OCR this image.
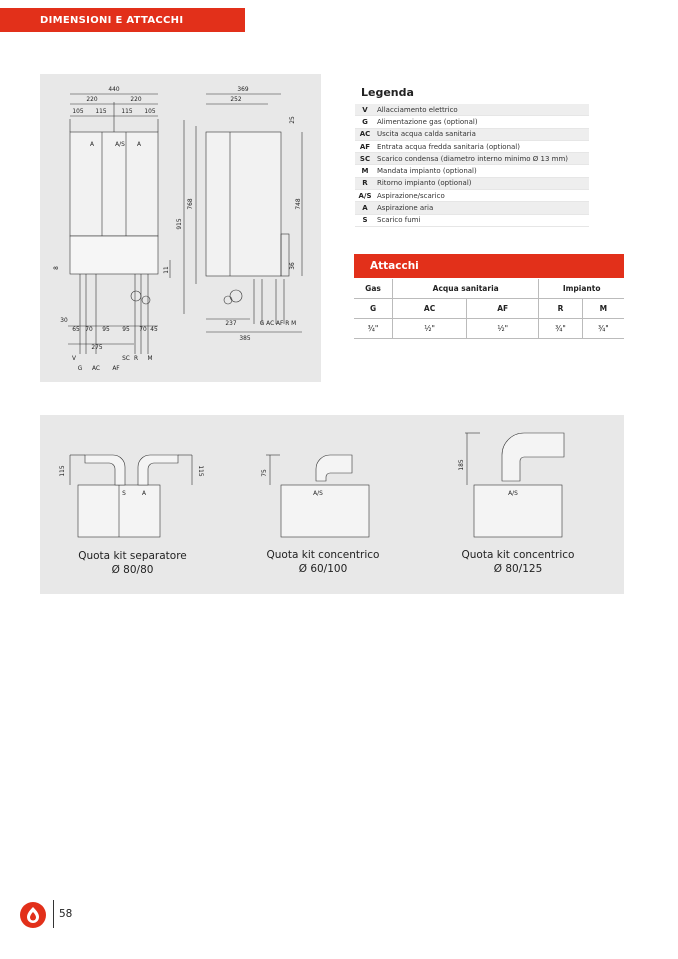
DIMENSIONI E ATTACCHI
440
220	220
105 115 115 105
915
768
8	11
A	A/S A
30
65 70 95 95 70 45
275
V
G AC AF
SC R M
369
252
25
748
36
237	G AC AF R M
385
Legenda
V	Allacciamento elettrico
G	Alimentazione gas (optional)
AC	Uscita acqua calda sanitaria
AF	Entrata acqua fredda sanitaria (optional)
SC	Scarico condensa (diametro interno minimo Ø 13 mm)
M	Mandata impianto (optional)
R	Ritorno impianto (optional)
A/S	Aspirazione/scarico
A	Aspirazione aria
S	Scarico fumi
Attacchi
Gas	Acqua sanitaria		Impianto	
G	AC	AF	R	M
¾"	½"	½"	¾"	¾"
115	115
S A
75
A/S
185
A/S
Quota kit separatore
Ø 80/80
Quota kit concentrico
Ø 60/100
Quota kit concentrico
Ø 80/125
58
